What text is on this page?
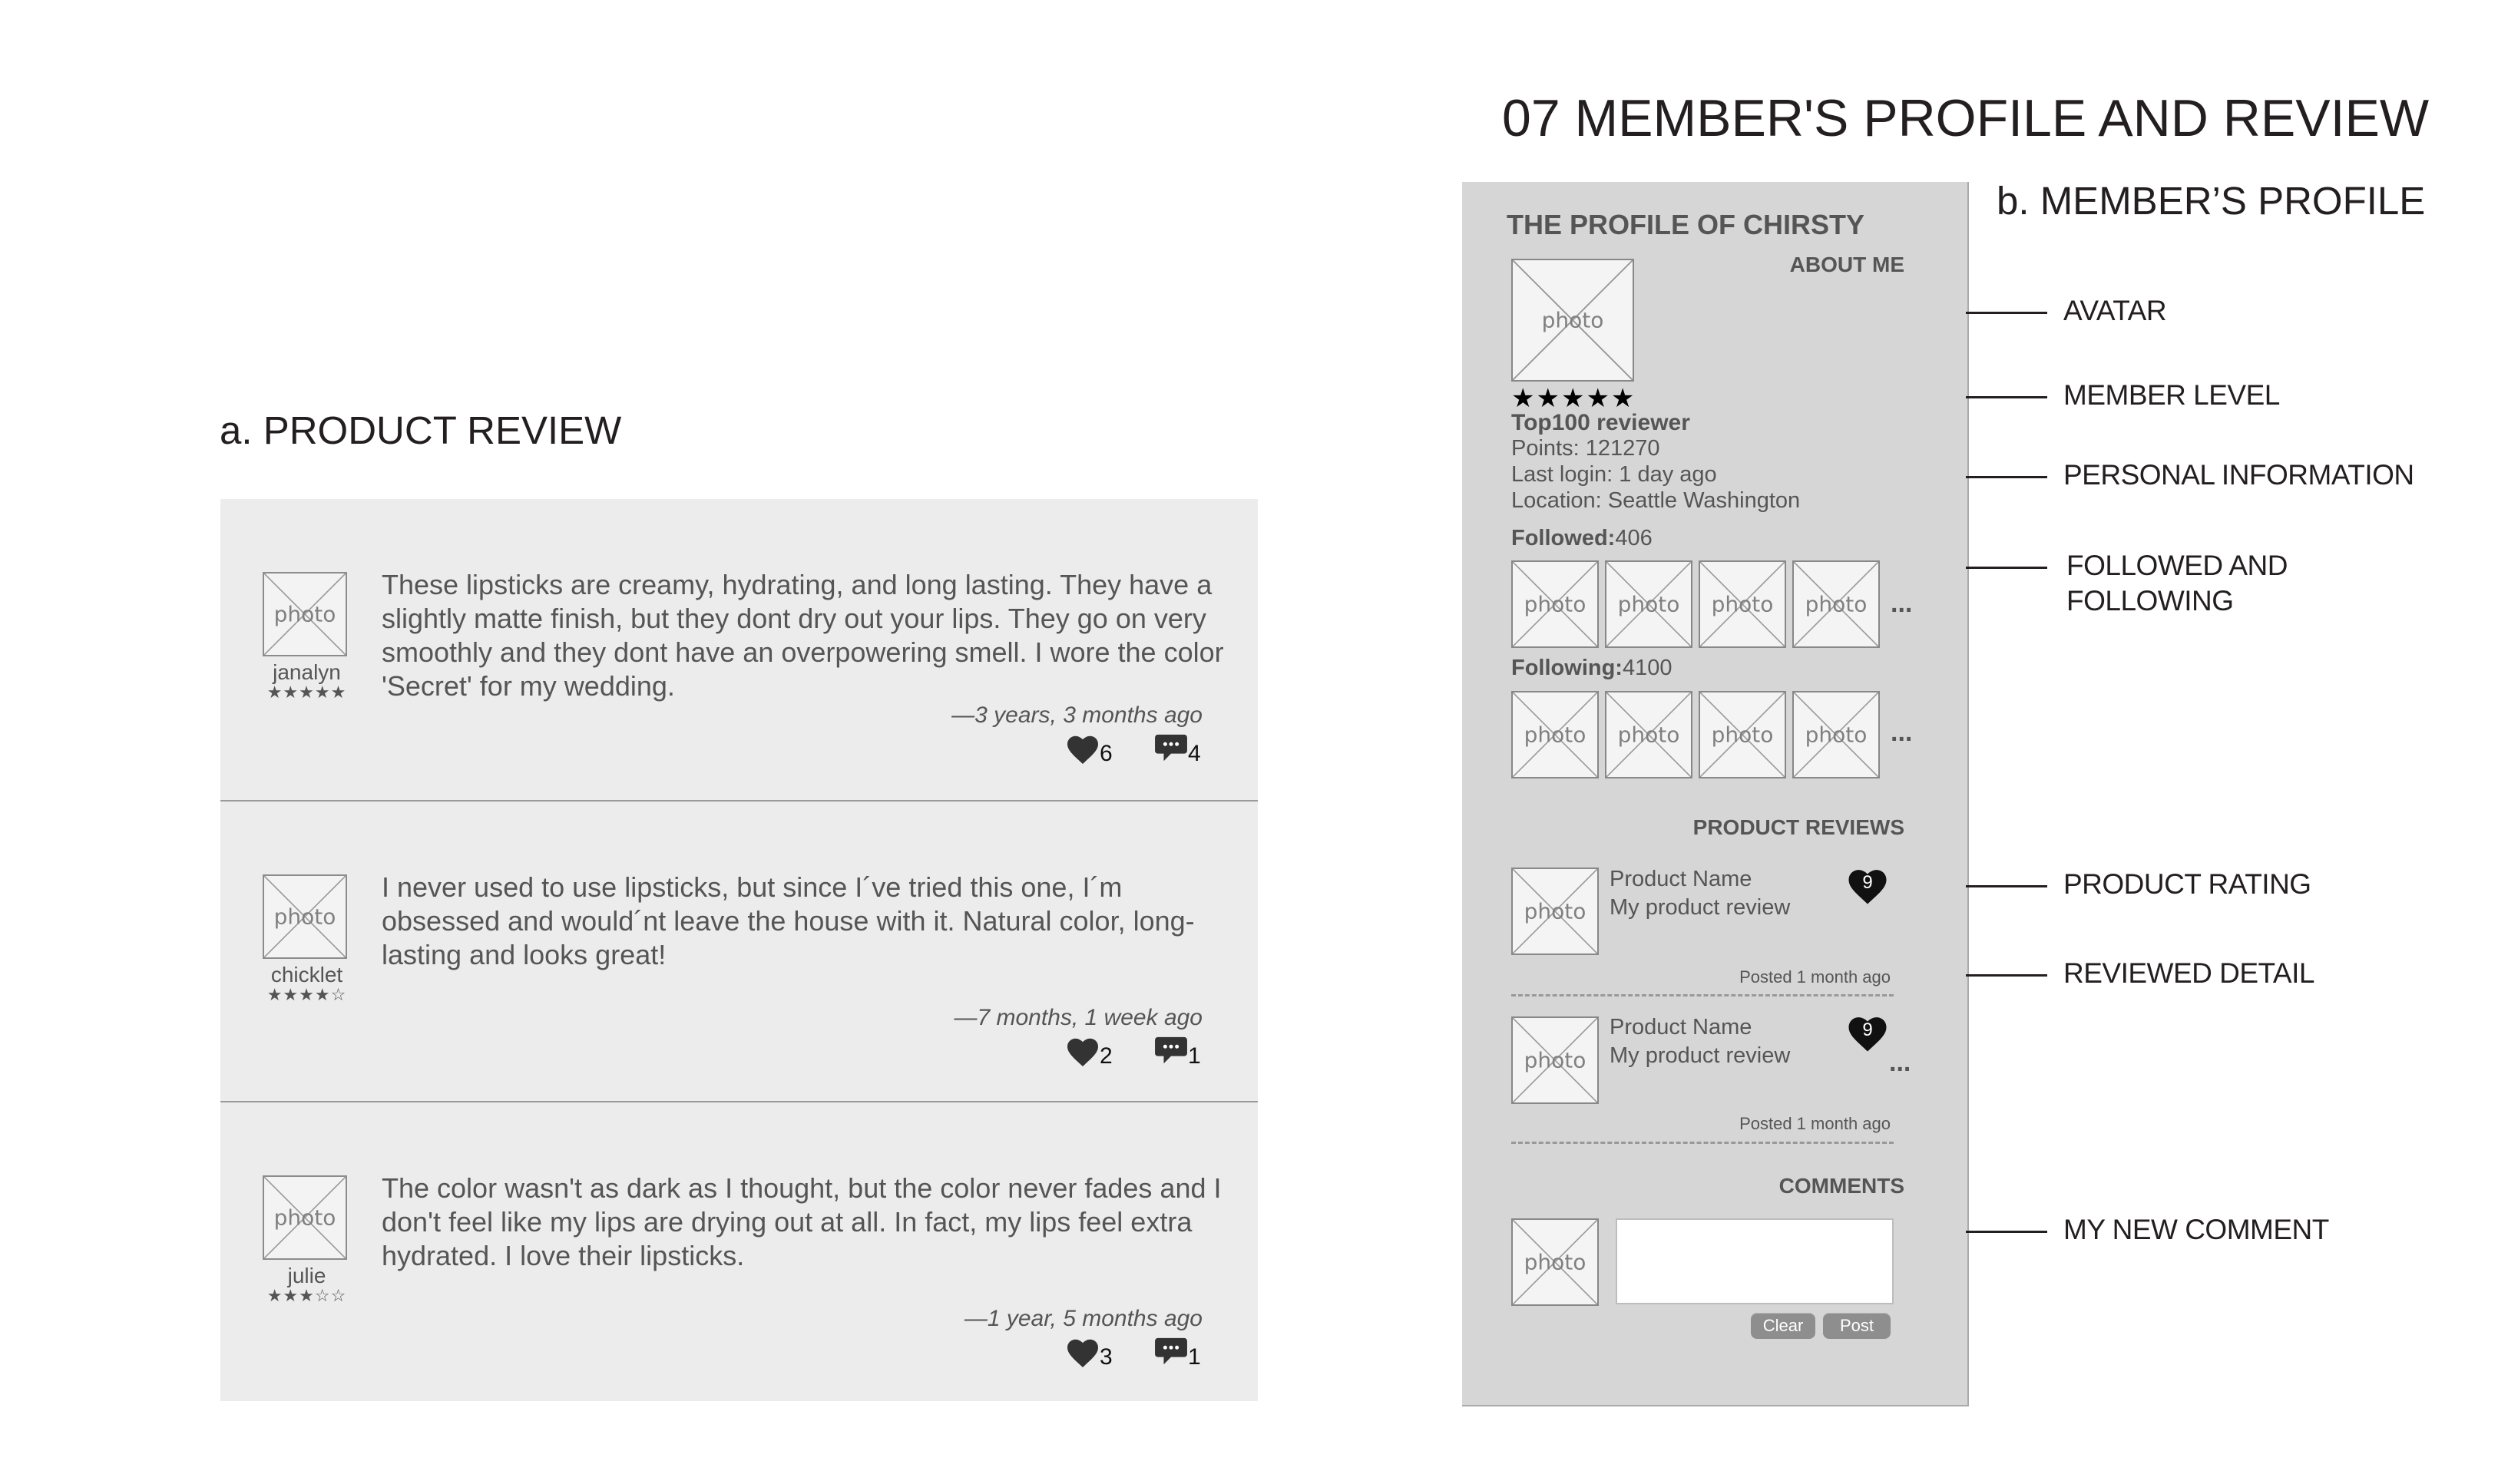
07 MEMBER'S PROFILE AND REVIEW
a. PRODUCT REVIEW
b. MEMBER’S PROFILE
photo
janalyn
★★★★★
These lipsticks are creamy, hydrating, and long lasting. They have a slightly matte finish, but they dont dry out your lips. They go on very smoothly and they dont have an overpowering smell. I wore the color 'Secret' for my wedding.
—3 years, 3 months ago
6	4
photo
chicklet
★★★★☆
I never used to use lipsticks, but since I´ve tried this one, I´m obsessed and would´nt leave the house with it. Natural color, long-lasting and looks great!
—7 months, 1 week ago
2	1
photo
julie
★★★☆☆
The color wasn't as dark as I thought, but the color never fades and I don't feel like my lips are drying out at all. In fact, my lips feel extra hydrated. I love their lipsticks.
—1 year, 5 months ago
3	1
THE PROFILE OF CHIRSTY
ABOUT ME
photo
★★★★★
Top100 reviewer
Points: 121270
Last login: 1 day ago
Location: Seattle Washington
Followed:406
photo	photo	photo	photo ...
Following:4100
photo	photo	photo	photo ...
PRODUCT REVIEWS
photo
Product Name
My product review
9
Posted 1 month ago
photo
Product Name
My product review
9
...
Posted 1 month ago
COMMENTS
photo
Clear	Post
AVATAR
MEMBER LEVEL
PERSONAL INFORMATION
FOLLOWED AND
FOLLOWING
PRODUCT RATING
REVIEWED DETAIL
MY NEW COMMENT
